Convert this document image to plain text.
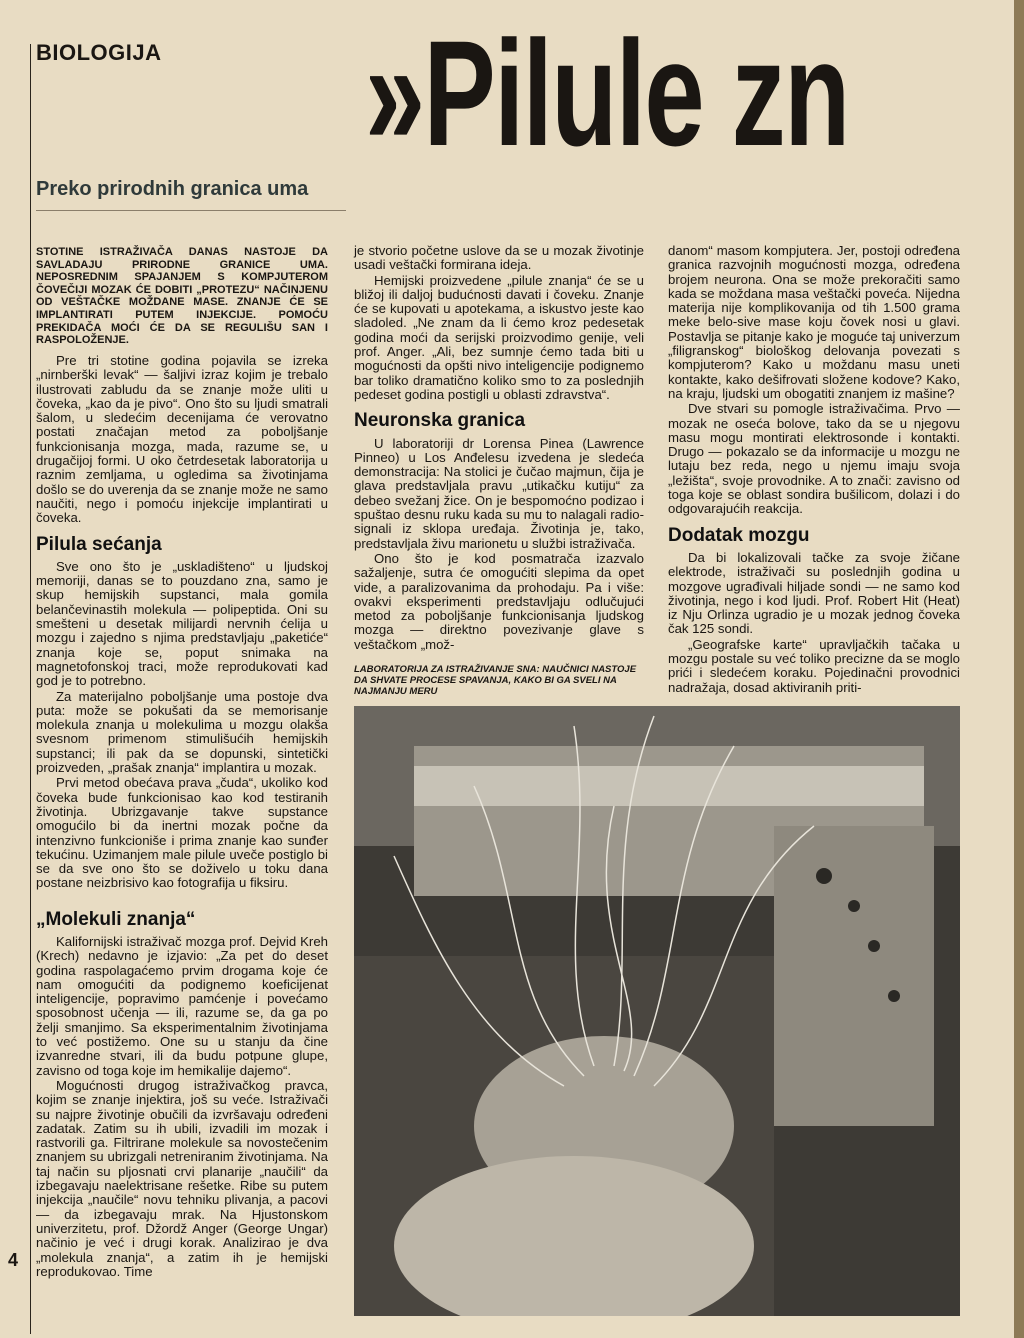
BIOLOGIJA »Pilule zn
Preko prirodnih granica uma
STOTINE ISTRAŽIVAČA DANAS NASTOJE DA SAVLADAJU PRIRODNE GRANICE UMA. NEPOSREDNIM SPAJANJEM S KOMPJUTEROM ČOVEČIJI MOZAK ĆE DOBITI „PROTEZU“ NAČINJENU OD VEŠTAČKE MOŽDANE MASE. ZNANJE ĆE SE IMPLANTIRATI PUTEM INJEKCIJE. POMOĆU PREKIDAČA MOĆI ĆE DA SE REGULIŠU SAN I RASPOLOŽENJE.

Pre tri stotine godina pojavila se izreka „nirnberški levak“ — šaljivi izraz kojim je trebalo ilustrovati zabludu da se znanje može uliti u čoveka, „kao da je pivo“. Ono što su ljudi smatrali šalom, u sledećim decenijama će verovatno postati značajan metod za poboljšanje funkcionisanja mozga, mada, razume se, u drugačijoj formi. U oko četrdesetak laboratorija u raznim zemljama, u ogledima sa životinjama došlo se do uverenja da se znanje može ne samo naučiti, nego i pomoću injekcije implantirati u čoveka.

Pilula sećanja

Sve ono što je „uskladišteno“ u ljudskoj memoriji, danas se to pouzdano zna, samo je skup hemijskih supstanci, mala gomila belančevinastih molekula — polipeptida. Oni su smešteni u desetak milijardi nervnih ćelija u mozgu i zajedno s njima predstavljaju „paketiće“ znanja koje se, poput snimaka na magnetofonskoj traci, može reprodukovati kad god je to potrebno.

Za materijalno poboljšanje uma postoje dva puta: može se pokušati da se memorisanje molekula znanja u molekulima u mozgu olakša svesnom primenom stimulišućih hemijskih supstanci; ili pak da se dopunski, sintetički proizveden, „prašak znanja“ implantira u mozak.

Prvi metod obećava prava „čuda“, ukoliko kod čoveka bude funkcionisao kao kod testiranih životinja. Ubrizgavanje takve supstance omogućilo bi da inertni mozak počne da intenzivno funkcioniše i prima znanje kao sunđer tekućinu. Uzimanjem male pilule uveče postiglo bi se da sve ono što se doživelo u toku dana postane neizbrisivo kao fotografija u fiksiru.

„Molekuli znanja“

Kalifornijski istraživač mozga prof. Dejvid Kreh (Krech) nedavno je izjavio: „Za pet do deset godina raspolagaćemo prvim drogama koje će nam omogućiti da podignemo koeficijenat inteligencije, popravimo pamćenje i povećamo sposobnost učenja — ili, razume se, da ga po želji smanjimo. Sa eksperimentalnim životinjama to već postižemo. One su u stanju da čine izvanredne stvari, ili da budu potpune glupe, zavisno od toga koje im hemikalije dajemo“.

Mogućnosti drugog istraživačkog pravca, kojim se znanje injektira, još su veće. Istraživači su najpre životinje obučili da izvršavaju određeni zadatak. Zatim su ih ubili, izvadili im mozak i rastvorili ga. Filtrirane molekule sa novostečenim znanjem su ubrizgali netreniranim životinjama. Na taj način su pljosnati crvi planarije „naučili“ da izbegavaju naelektrisane rešetke. Ribe su putem injekcija „naučile“ novu tehniku plivanja, a pacovi — da izbegavaju mrak. Na Hjustonskom univerzitetu, prof. Džordž Anger (George Ungar) načinio je već i drugi korak. Analizirao je dva „molekula znanja“, a zatim ih je hemijski reprodukovao. Time

je stvorio početne uslove da se u mozak životinje usadi veštački formirana ideja.

Hemijski proizvedene „pilule znanja“ će se u bližoj ili daljoj budućnosti davati i čoveku. Znanje će se kupovati u apotekama, a iskustvo jeste kao sladoled. „Ne znam da li ćemo kroz pedesetak godina moći da serijski proizvodimo genije, veli prof. Anger. „Ali, bez sumnje ćemo tada biti u mogućnosti da opšti nivo inteligencije podignemo bar toliko dramatično koliko smo to za poslednjih pedeset godina postigli u oblasti zdravstva“.

Neuronska granica

U laboratoriji dr Lorensa Pinea (Lawrence Pinneo) u Los Anđelesu izvedena je sledeća demonstracija: Na stolici je čučao majmun, čija je glava predstavljala pravu „utikačku kutiju“ za debeo svežanj žice. On je bespomoćno podizao i spuštao desnu ruku kada su mu to nalagali radio-signali iz sklopa uređaja. Životinja je, tako, predstavljala živu marionetu u službi istraživača.

Ono što je kod posmatrača izazvalo sažaljenje, sutra će omogućiti slepima da opet vide, a paralizovanima da prohodaju. Pa i više: ovakvi eksperimenti predstavljaju odlučujući metod za poboljšanje funkcionisanja ljudskog mozga — direktno povezivanje glave s veštačkom „mož-

LABORATORIJA ZA ISTRAŽIVANJE SNA: NAUČNICI NASTOJE DA SHVATE PROCESE SPAVANJA, KAKO BI GA SVELI NA NAJMANJU MERU

danom“ masom kompjutera. Jer, postoji određena granica razvojnih mogućnosti mozga, određena brojem neurona. Ona se može prekoračiti samo kada se moždana masa veštački poveća. Nijedna materija nije komplikovanija od tih 1.500 grama meke belo-sive mase koju čovek nosi u glavi. Postavlja se pitanje kako je moguće taj univerzum „filigranskog“ biološkog delovanja povezati s kompjuterom? Kako u moždanu masu uneti kontakte, kako dešifrovati složene kodove? Kako, na kraju, ljudski um obogatiti znanjem iz mašine?

Dve stvari su pomogle istraživačima. Prvo — mozak ne oseća bolove, tako da se u njegovu masu mogu montirati elektrosonde i kontakti. Drugo — pokazalo se da informacije u mozgu ne lutaju bez reda, nego u njemu imaju svoja „ležišta“, svoje provodnike. A to znači: zavisno od toga koje se oblast sondira bušilicom, dolazi i do odgovarajućih reakcija.

Dodatak mozgu

Da bi lokalizovali tačke za svoje žičane elektrode, istraživači su poslednjih godina u mozgove ugrađivali hiljade sondi — ne samo kod životinja, nego i kod ljudi. Prof. Robert Hit (Heat) iz Nju Orlinza ugradio je u mozak jednog čoveka čak 125 sondi.

„Geografske karte“ upravljačkih tačaka u mozgu postale su već toliko precizne da se moglo prići i sledećem koraku. Pojedinačni provodnici nadražaja, dosad aktiviranih priti-

4
